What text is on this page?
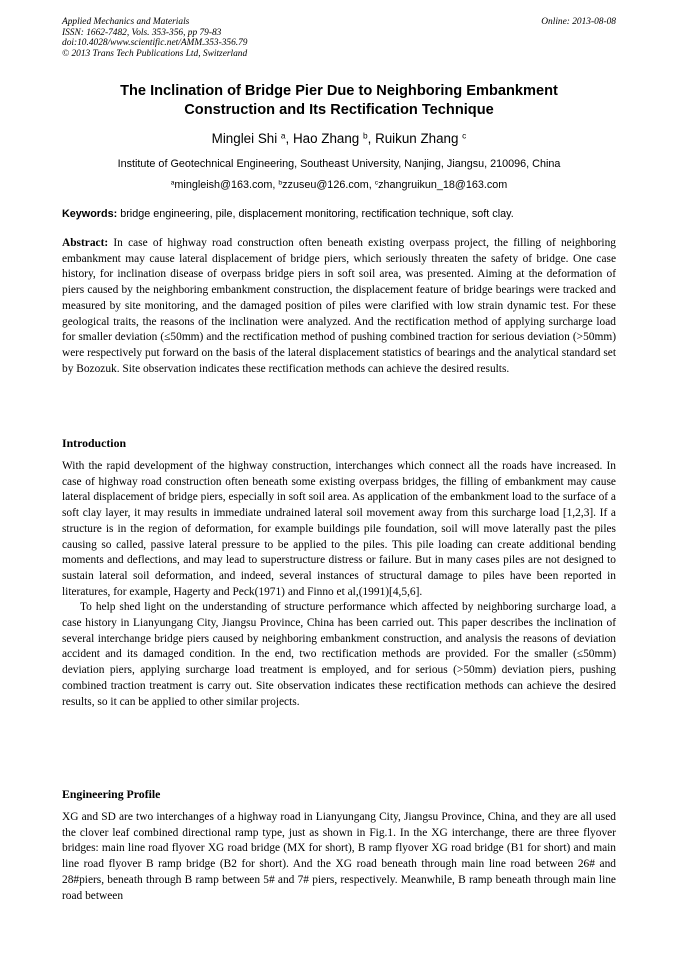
Applied Mechanics and Materials
ISSN: 1662-7482, Vols. 353-356, pp 79-83
doi:10.4028/www.scientific.net/AMM.353-356.79
© 2013 Trans Tech Publications Ltd, Switzerland
Online: 2013-08-08
The Inclination of Bridge Pier Due to Neighboring Embankment
Construction and Its Rectification Technique
Minglei Shi $^a$, Hao Zhang $^b$, Ruikun Zhang $^c$
Institute of Geotechnical Engineering, Southeast University, Nanjing, Jiangsu, 210096, China
$^a$mingleish@163.com, $^b$zzuseu@126.com, $^c$zhangruikun_18@163.com
Keywords: bridge engineering, pile, displacement monitoring, rectification technique, soft clay.

Abstract: In case of highway road construction often beneath existing overpass project, the filling of neighboring embankment may cause lateral displacement of bridge piers, which seriously threaten the safety of bridge. One case history, for inclination disease of overpass bridge piers in soft soil area, was presented. Aiming at the deformation of piers caused by the neighboring embankment construction, the displacement feature of bridge bearings were tracked and measured by site monitoring, and the damaged position of piles were clarified with low strain dynamic test. For these geological traits, the reasons of the inclination were analyzed. And the rectification method of applying surcharge load for smaller deviation (≤50mm) and the rectification method of pushing combined traction for serious deviation (>50mm) were respectively put forward on the basis of the lateral displacement statistics of bearings and the analytical standard set by Bozozuk. Site observation indicates these rectification methods can achieve the desired results.

Introduction

With the rapid development of the highway construction, interchanges which connect all the roads have increased. In case of highway road construction often beneath some existing overpass bridges, the filling of embankment may cause lateral displacement of bridge piers, especially in soft soil area. As application of the embankment load to the surface of a soft clay layer, it may results in immediate undrained lateral soil movement away from this surcharge load [1,2,3]. If a structure is in the region of deformation, for example buildings pile foundation, soil will move laterally past the piles causing so called, passive lateral pressure to be applied to the piles. This pile loading can create additional bending moments and deflections, and may lead to superstructure distress or failure. But in many cases piles are not designed to sustain lateral soil deformation, and indeed, several instances of structural damage to piles have been reported in literatures, for example, Hagerty and Peck(1971) and Finno et al,(1991)[4,5,6].

To help shed light on the understanding of structure performance which affected by neighboring surcharge load, a case history in Lianyungang City, Jiangsu Province, China has been carried out. This paper describes the inclination of several interchange bridge piers caused by neighboring embankment construction, and analysis the reasons of deviation accident and its damaged condition. In the end, two rectification methods are provided. For the smaller (≤50mm) deviation piers, applying surcharge load treatment is employed, and for serious (>50mm) deviation piers, pushing combined traction treatment is carry out. Site observation indicates these rectification methods can achieve the desired results, so it can be applied to other similar projects.

Engineering Profile

XG and SD are two interchanges of a highway road in Lianyungang City, Jiangsu Province, China, and they are all used the clover leaf combined directional ramp type, just as shown in Fig.1. In the XG interchange, there are three flyover bridges: main line road flyover XG road bridge (MX for short), B ramp flyover XG road bridge (B1 for short) and main line road flyover B ramp bridge (B2 for short). And the XG road beneath through main line road between 26# and 28#piers, beneath through B ramp between 5# and 7# piers, respectively. Meanwhile, B ramp beneath through main line road between
